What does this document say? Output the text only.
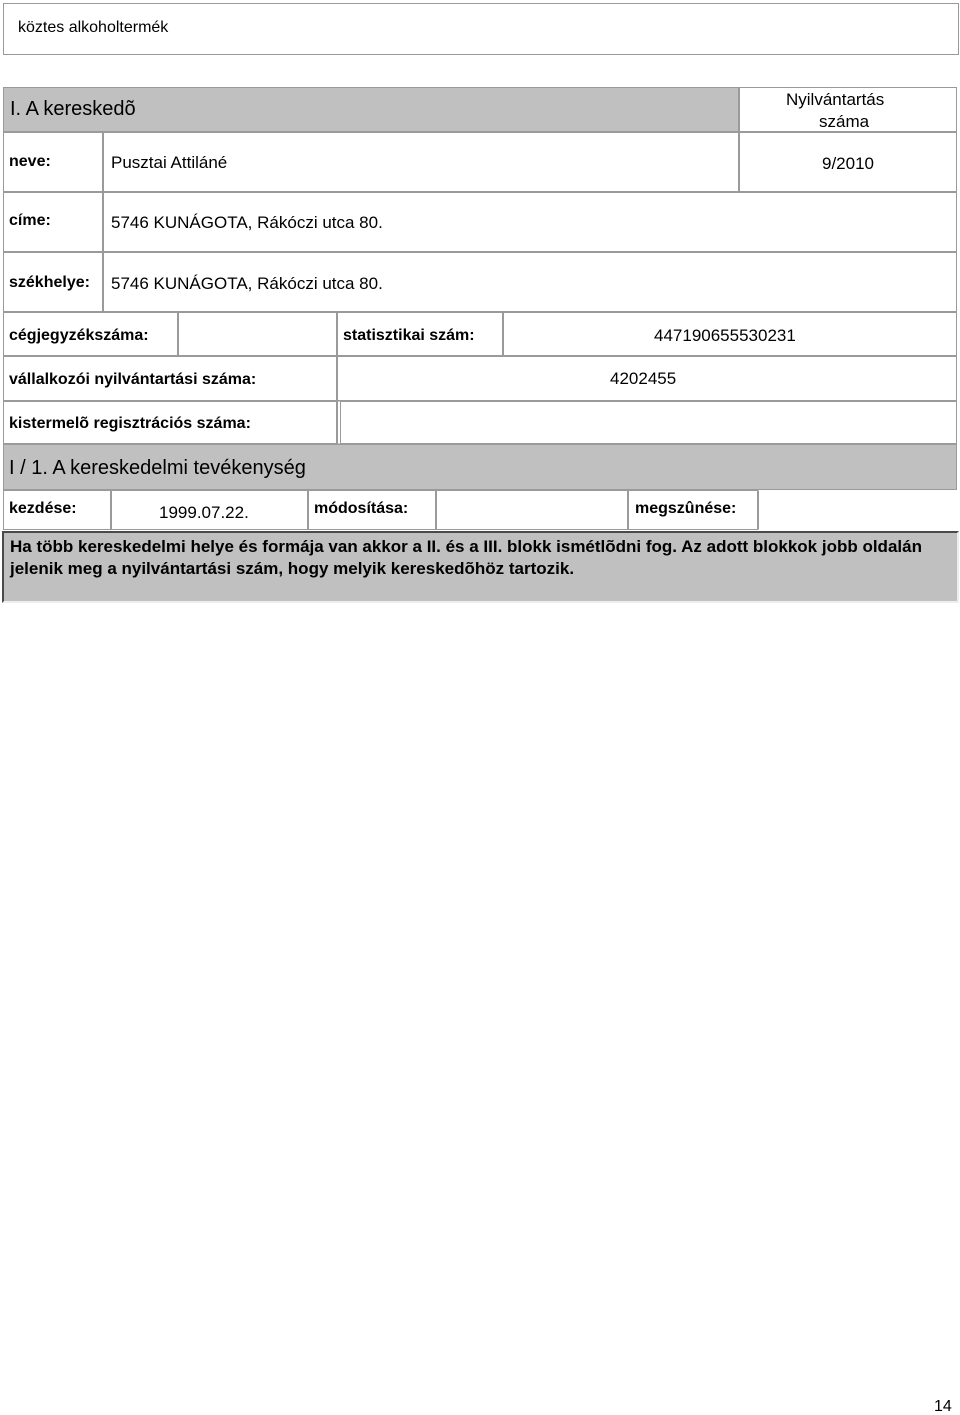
köztes alkoholtermék
I. A kereskedõ	Nyilvántartás
száma
neve:	Pusztai Attiláné	9/2010
címe:	5746 KUNÁGOTA, Rákóczi utca 80.
székhelye: 5746 KUNÁGOTA, Rákóczi utca 80.
cégjegyzékszáma:	statisztikai szám:	447190655530231
vállalkozói nyilvántartási száma:	4202455
kistermelõ regisztrációs száma:
I / 1. A kereskedelmi tevékenység
kezdése:	1999.07.22.	módosítása:	megszûnése:
Ha több kereskedelmi helye és formája van akkor a II. és a III. blokk ismétlõdni fog. Az adott blokkok jobb oldalán jelenik meg a nyilvántartási szám, hogy melyik kereskedõhöz tartozik.
14
